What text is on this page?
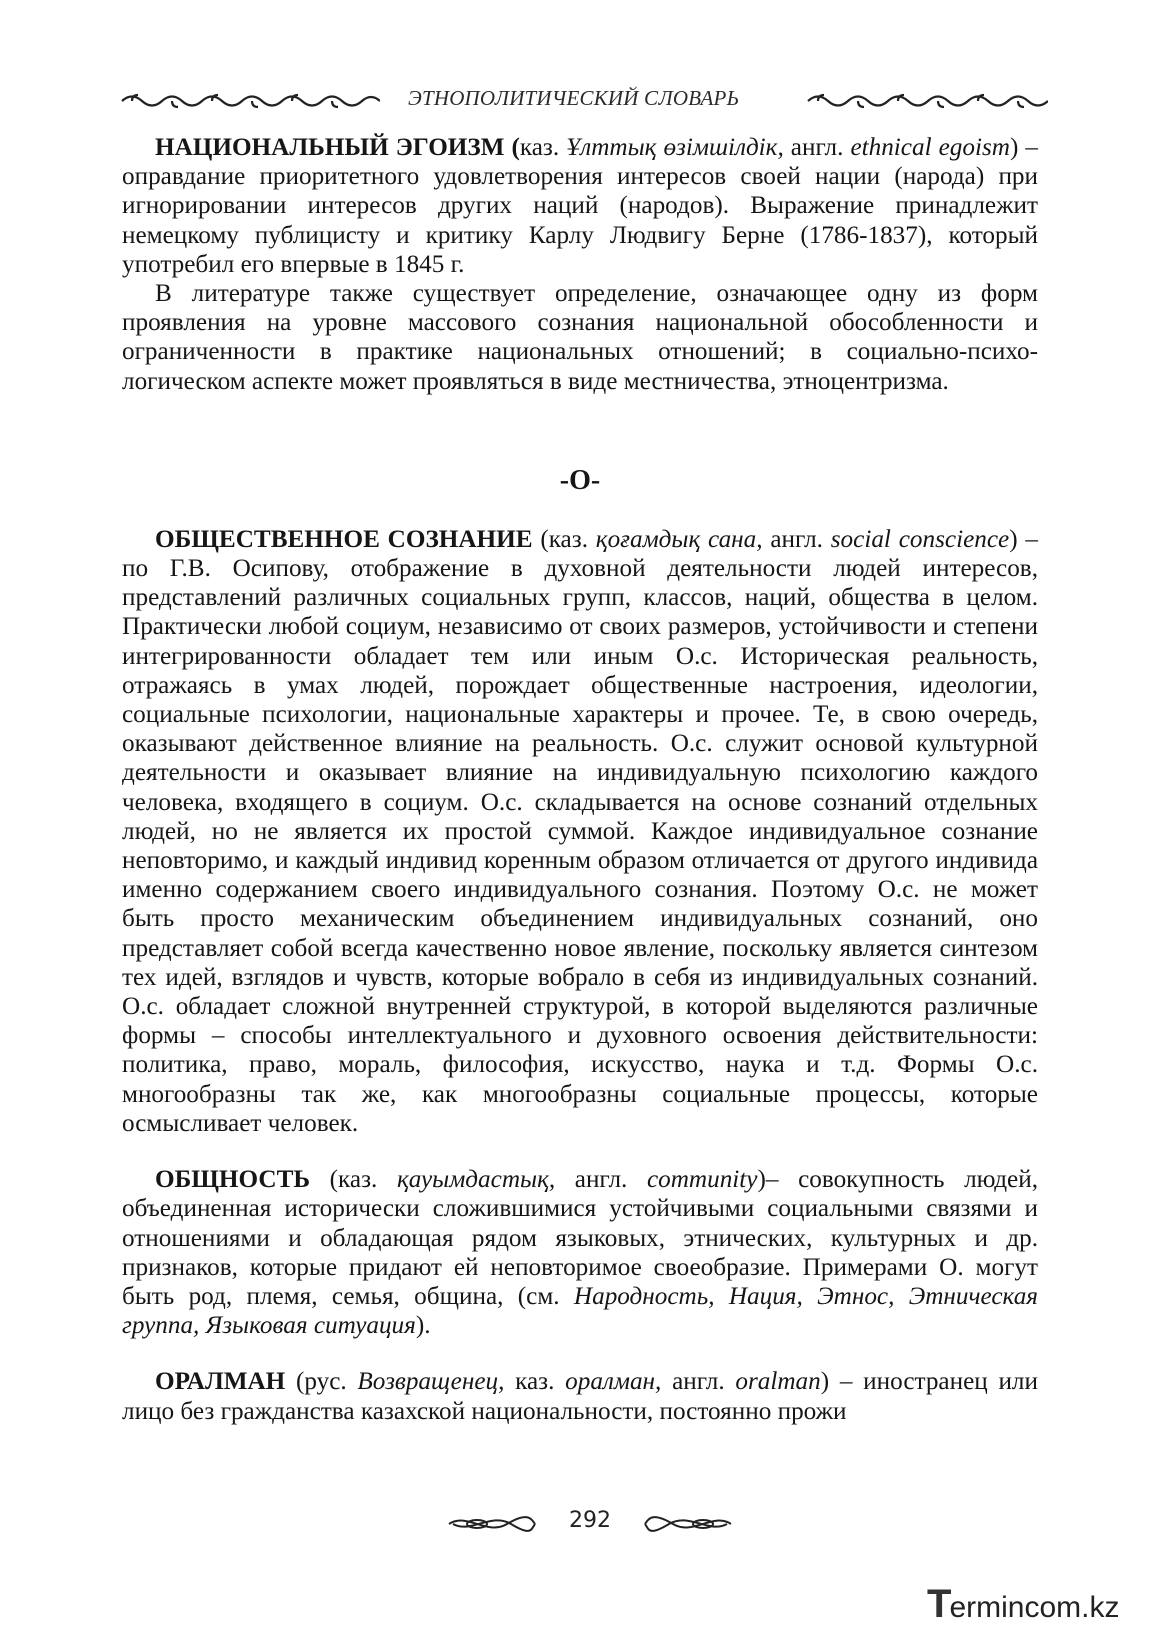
ЭТНОПОЛИТИЧЕСКИЙ СЛОВАРЬ

НАЦИОНАЛЬНЫЙ ЭГОИЗМ (каз. Ұлттық өзімшілдік, англ. ethnical egoism) – оправдание приоритетного удовлетворения интересов своей нации (народа) при игнорировании интересов других наций (народов). Выражение принадлежит немецкому публицисту и критику Карлу Людвигу Берне (1786-1837), который употребил его впервые в 1845 г.

В литературе также существует определение, означающее одну из форм проявления на уровне массового сознания национальной обособленности и ограниченности в практике национальных отношений; в социально-психологическом аспекте может проявляться в виде местничества, этноцентризма.

-О-

ОБЩЕСТВЕННОЕ СОЗНАНИЕ (каз. қоғамдық сана, англ. social conscience) – по Г.В. Осипову, отображение в духовной деятельности людей интересов, представлений различных социальных групп, классов, наций, общества в целом. Практически любой социум, независимо от своих размеров, устойчивости и степени интегрированности обладает тем или иным О.с. Историческая реальность, отражаясь в умах людей, порождает общественные настроения, идеологии, социальные психологии, национальные характеры и прочее. Те, в свою очередь, оказывают действенное влияние на реальность. О.с. служит основой культурной деятельности и оказывает влияние на индивидуальную психологию каждого человека, входящего в социум. О.с. складывается на основе сознаний отдельных людей, но не является их простой суммой. Каждое индивидуальное сознание неповторимо, и каждый индивид коренным образом отличается от другого индивида именно содержанием своего индивидуального сознания. Поэтому О.с. не может быть просто механическим объединением индивидуальных сознаний, оно представляет собой всегда качественно новое явление, поскольку является синтезом тех идей, взглядов и чувств, которые вобрало в себя из индивидуальных сознаний. О.с. обладает сложной внутренней структурой, в которой выделяются различные формы – способы интеллектуального и духовного освоения действительности: политика, право, мораль, философия, искусство, наука и т.д. Формы О.с. многообразны так же, как многообразны социальные процессы, которые осмысливает человек.

ОБЩНОСТЬ (каз. қауымдастық, англ. community)– совокупность людей, объединенная исторически сложившимися устойчивыми социальными связями и отношениями и обладающая рядом языковых, этнических, культурных и др. признаков, которые придают ей неповторимое своеобразие. Примерами О. могут быть род, племя, семья, община, (см. Народность, Нация, Этнос, Этническая группа, Языковая ситуация).

ОРАЛМАН (рус. Возвращенец, каз. оралман, англ. oralman) – иностранец или лицо без гражданства казахской национальности, постоянно прожи

292
Termincom.kz
